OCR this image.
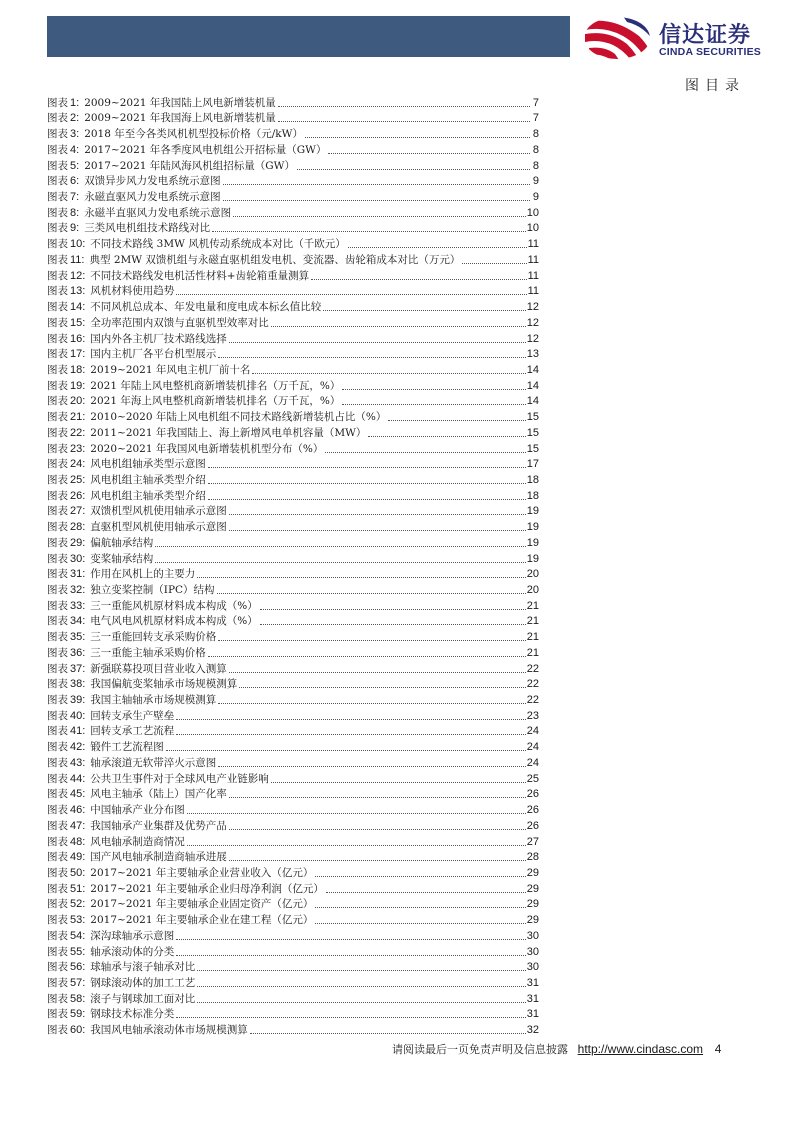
信达证券
CINDA SECURITIES
图目录
图表 1: 2009~2021 年我国陆上风电新增装机量	7
图表 2: 2009~2021 年我国海上风电新增装机量	7
图表 3: 2018 年至今各类风机机型投标价格（元/kW）	8
图表 4: 2017~2021 年各季度风电机组公开招标量（GW）	8
图表 5: 2017~2021 年陆风海风机组招标量（GW）	8
图表 6: 双馈异步风力发电系统示意图	9
图表 7: 永磁直驱风力发电系统示意图	9
图表 8: 永磁半直驱风力发电系统示意图	10
图表 9: 三类风电机组技术路线对比	10
图表 10: 不同技术路线 3MW 风机传动系统成本对比（千欧元）	11
图表 11: 典型 2MW 双馈机组与永磁直驱机组发电机、变流器、齿轮箱成本对比（万元）	11
图表 12: 不同技术路线发电机活性材料+齿轮箱重量测算	11
图表 13: 风机材料使用趋势	11
图表 14: 不同风机总成本、年发电量和度电成本标幺值比较	12
图表 15: 全功率范围内双馈与直驱机型效率对比	12
图表 16: 国内外各主机厂技术路线选择	12
图表 17: 国内主机厂各平台机型展示	13
图表 18: 2019~2021 年风电主机厂前十名	14
图表 19: 2021 年陆上风电整机商新增装机排名（万千瓦，%）	14
图表 20: 2021 年海上风电整机商新增装机排名（万千瓦，%）	14
图表 21: 2010~2020 年陆上风电机组不同技术路线新增装机占比（%）	15
图表 22: 2011~2021 年我国陆上、海上新增风电单机容量（MW）	15
图表 23: 2020~2021 年我国风电新增装机机型分布（%）	15
图表 24: 风电机组轴承类型示意图	17
图表 25: 风电机组主轴承类型介绍	18
图表 26: 风电机组主轴承类型介绍	18
图表 27: 双馈机型风机使用轴承示意图	19
图表 28: 直驱机型风机使用轴承示意图	19
图表 29: 偏航轴承结构	19
图表 30: 变桨轴承结构	19
图表 31: 作用在风机上的主要力	20
图表 32: 独立变桨控制（IPC）结构	20
图表 33: 三一重能风机原材料成本构成（%）	21
图表 34: 电气风电风机原材料成本构成（%）	21
图表 35: 三一重能回转支承采购价格	21
图表 36: 三一重能主轴承采购价格	21
图表 37: 新强联募投项目营业收入测算	22
图表 38: 我国偏航变桨轴承市场规模测算	22
图表 39: 我国主轴轴承市场规模测算	22
图表 40: 回转支承生产壁垒	23
图表 41: 回转支承工艺流程	24
图表 42: 锻件工艺流程图	24
图表 43: 轴承滚道无软带淬火示意图	24
图表 44: 公共卫生事件对于全球风电产业链影响	25
图表 45: 风电主轴承（陆上）国产化率	26
图表 46: 中国轴承产业分布图	26
图表 47: 我国轴承产业集群及优势产品	26
图表 48: 风电轴承制造商情况	27
图表 49: 国产风电轴承制造商轴承进展	28
图表 50: 2017~2021 年主要轴承企业营业收入（亿元）	29
图表 51: 2017~2021 年主要轴承企业归母净利润（亿元）	29
图表 52: 2017~2021 年主要轴承企业固定资产（亿元）	29
图表 53: 2017~2021 年主要轴承企业在建工程（亿元）	29
图表 54: 深沟球轴承示意图	30
图表 55: 轴承滚动体的分类	30
图表 56: 球轴承与滚子轴承对比	30
图表 57: 钢球滚动体的加工工艺	31
图表 58: 滚子与钢球加工面对比	31
图表 59: 钢球技术标准分类	31
图表 60: 我国风电轴承滚动体市场规模测算	32
请阅读最后一页免责声明及信息披露 http://www.cindasc.com 4
